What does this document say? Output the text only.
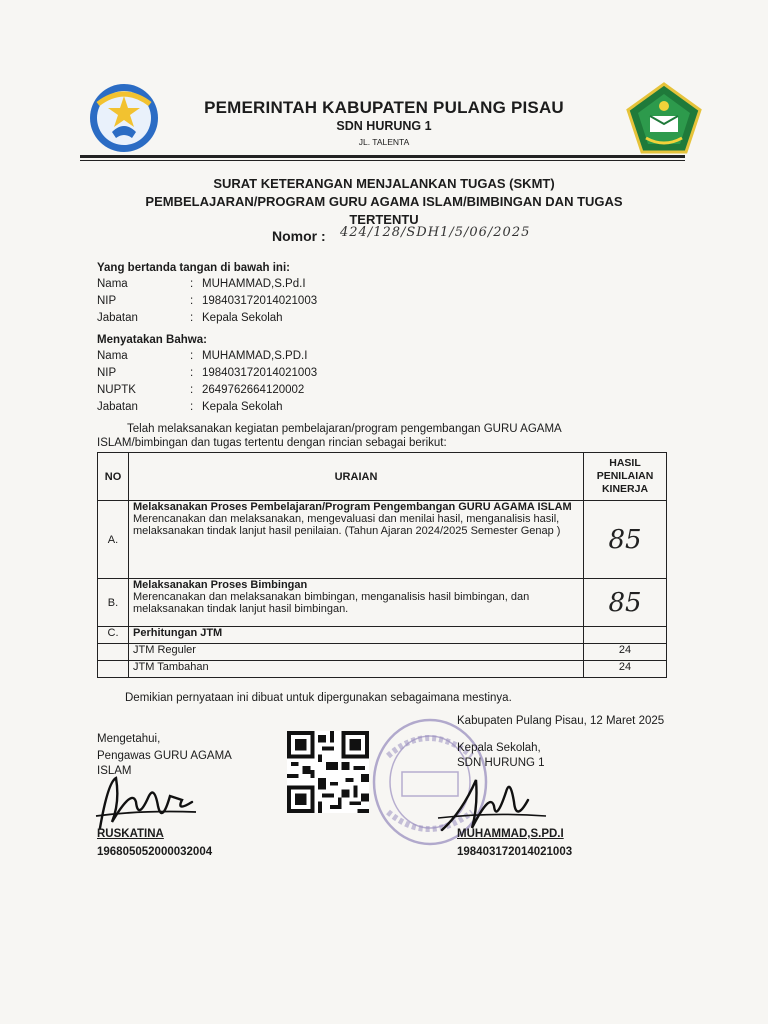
PEMERINTAH KABUPATEN PULANG PISAU
SDN HURUNG 1
JL. TALENTA
SURAT KETERANGAN MENJALANKAN TUGAS (SKMT)
PEMBELAJARAN/PROGRAM GURU AGAMA ISLAM/BIMBINGAN DAN TUGAS
TERTENTU
Nomor : 424/128/SDH1/5/06/2025
Yang bertanda tangan di bawah ini:
Nama	: MUHAMMAD,S.Pd.I
NIP	: 198403172014021003
Jabatan	: Kepala Sekolah
Menyatakan Bahwa:
Nama	: MUHAMMAD,S.PD.I
NIP	: 198403172014021003
NUPTK	: 2649762664120002
Jabatan	: Kepala Sekolah
Telah melaksanakan kegiatan pembelajaran/program pengembangan GURU AGAMA ISLAM/bimbingan dan tugas tertentu dengan rincian sebagai berikut:
NO	URAIAN	HASIL PENILAIAN KINERJA
A.	Melaksanakan Proses Pembelajaran/Program Pengembangan GURU AGAMA ISLAM
Merencanakan dan melaksanakan, mengevaluasi dan menilai hasil, menganalisis hasil, melaksanakan tindak lanjut hasil penilaian. (Tahun Ajaran 2024/2025 Semester Genap )	85
B.	Melaksanakan Proses Bimbingan
Merencanakan dan melaksanakan bimbingan, menganalisis hasil bimbingan, dan melaksanakan tindak lanjut hasil bimbingan.	85
C.	Perhitungan JTM	
	JTM Reguler	24
	JTM Tambahan	24
Demikian pernyataan ini dibuat untuk dipergunakan sebagaimana mestinya.
Kabupaten Pulang Pisau, 12 Maret 2025
Mengetahui,
Pengawas GURU AGAMA ISLAM
RUSKATINA
196805052000032004
Kepala Sekolah,
SDN HURUNG 1
MUHAMMAD,S.PD.I
198403172014021003
